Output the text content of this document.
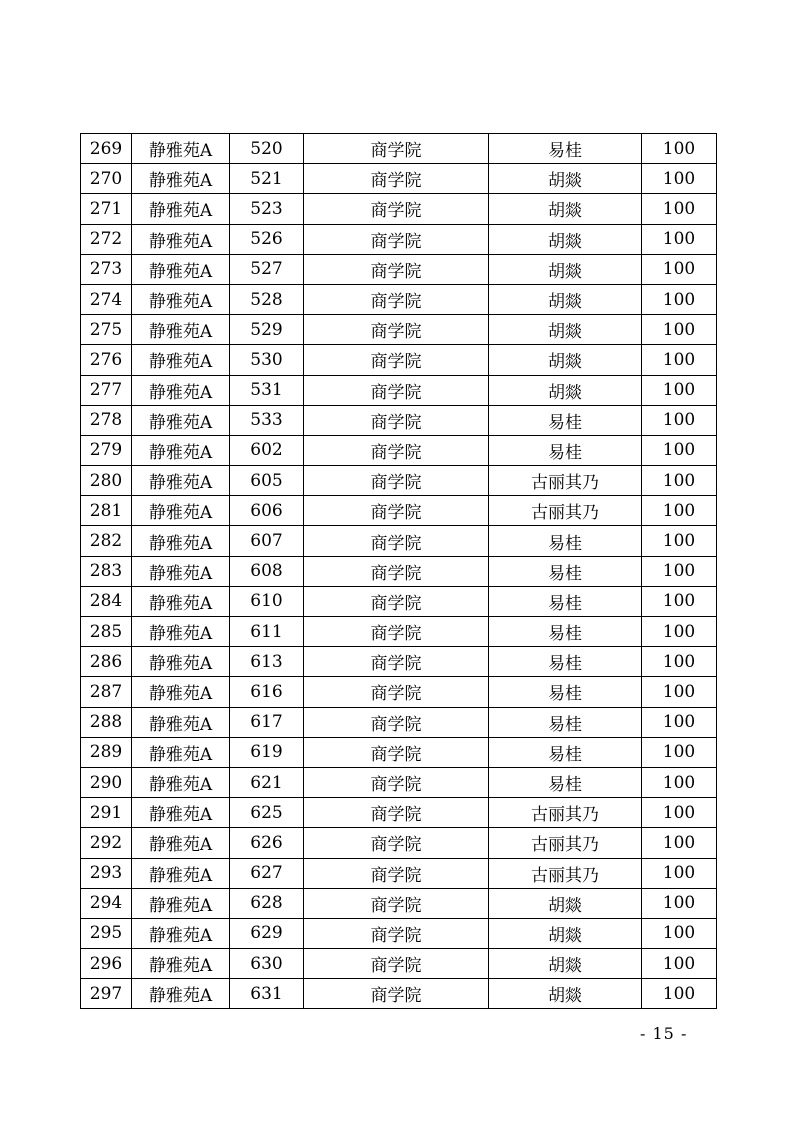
269	静雅苑A	520	商学院	易桂	100
270	静雅苑A	521	商学院	胡燚	100
271	静雅苑A	523	商学院	胡燚	100
272	静雅苑A	526	商学院	胡燚	100
273	静雅苑A	527	商学院	胡燚	100
274	静雅苑A	528	商学院	胡燚	100
275	静雅苑A	529	商学院	胡燚	100
276	静雅苑A	530	商学院	胡燚	100
277	静雅苑A	531	商学院	胡燚	100
278	静雅苑A	533	商学院	易桂	100
279	静雅苑A	602	商学院	易桂	100
280	静雅苑A	605	商学院	古丽其乃	100
281	静雅苑A	606	商学院	古丽其乃	100
282	静雅苑A	607	商学院	易桂	100
283	静雅苑A	608	商学院	易桂	100
284	静雅苑A	610	商学院	易桂	100
285	静雅苑A	611	商学院	易桂	100
286	静雅苑A	613	商学院	易桂	100
287	静雅苑A	616	商学院	易桂	100
288	静雅苑A	617	商学院	易桂	100
289	静雅苑A	619	商学院	易桂	100
290	静雅苑A	621	商学院	易桂	100
291	静雅苑A	625	商学院	古丽其乃	100
292	静雅苑A	626	商学院	古丽其乃	100
293	静雅苑A	627	商学院	古丽其乃	100
294	静雅苑A	628	商学院	胡燚	100
295	静雅苑A	629	商学院	胡燚	100
296	静雅苑A	630	商学院	胡燚	100
297	静雅苑A	631	商学院	胡燚	100
- 15 -
